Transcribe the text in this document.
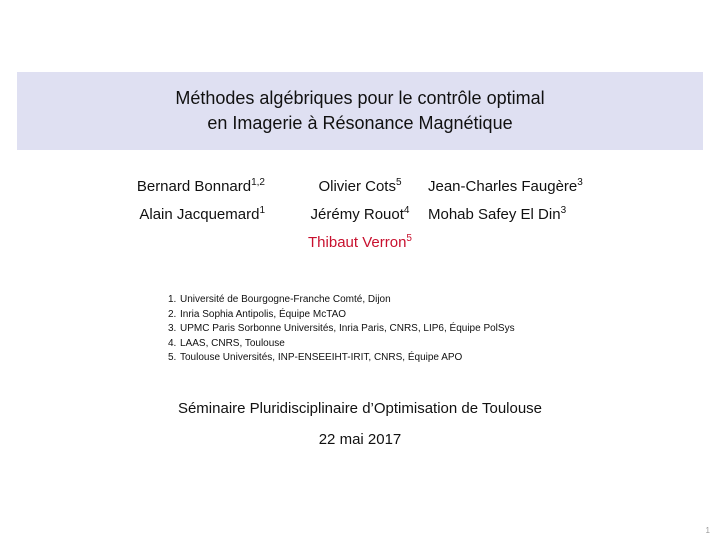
Méthodes algébriques pour le contrôle optimal
en Imagerie à Résonance Magnétique
Bernard Bonnard$^{1,2}$	Olivier Cots$^5$	Jean-Charles Faugère$^3$
Alain Jacquemard$^1$	Jérémy Rouot$^4$	Mohab Safey El Din$^3$
Thibaut Verron$^5$
1. Université de Bourgogne-Franche Comté, Dijon
2. Inria Sophia Antipolis, Équipe McTAO
3. UPMC Paris Sorbonne Universités, Inria Paris, CNRS, LIP6, Équipe PolSys
4. LAAS, CNRS, Toulouse
5. Toulouse Universités, INP-ENSEEIHT-IRIT, CNRS, Équipe APO
Séminaire Pluridisciplinaire d’Optimisation de Toulouse
22 mai 2017
1
